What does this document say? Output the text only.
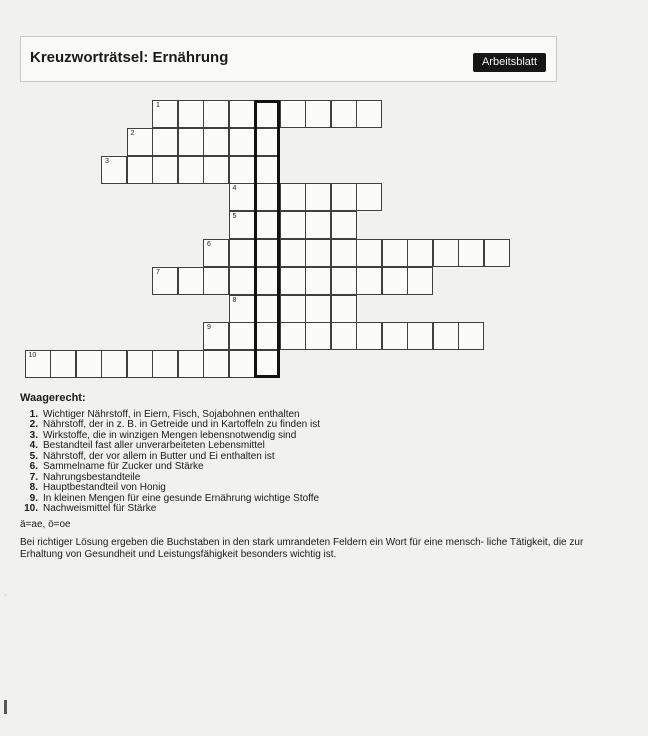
Kreuzworträtsel: Ernährung	Arbeitsblatt
1
2
3
4
5
6
7
8
9
10
Waagerecht:
1. Wichtiger Nährstoff, in Eiern, Fisch, Sojabohnen enthalten
2. Nährstoff, der in z. B. in Getreide und in Kartoffeln zu finden ist
3. Wirkstoffe, die in winzigen Mengen lebensnotwendig sind
4. Bestandteil fast aller unverarbeiteten Lebensmittel
5. Nährstoff, der vor allem in Butter und Ei enthalten ist
6. Sammelname für Zucker und Stärke
7. Nahrungsbestandteile
8. Hauptbestandteil von Honig
9. In kleinen Mengen für eine gesunde Ernährung wichtige Stoffe
10. Nachweismittel für Stärke
ä=ae, ö=oe
Bei richtiger Lösung ergeben die Buchstaben in den stark umrandeten Feldern ein Wort für eine mensch- liche Tätigkeit, die zur Erhaltung von Gesundheit und Leistungsfähigkeit besonders wichtig ist.
·
